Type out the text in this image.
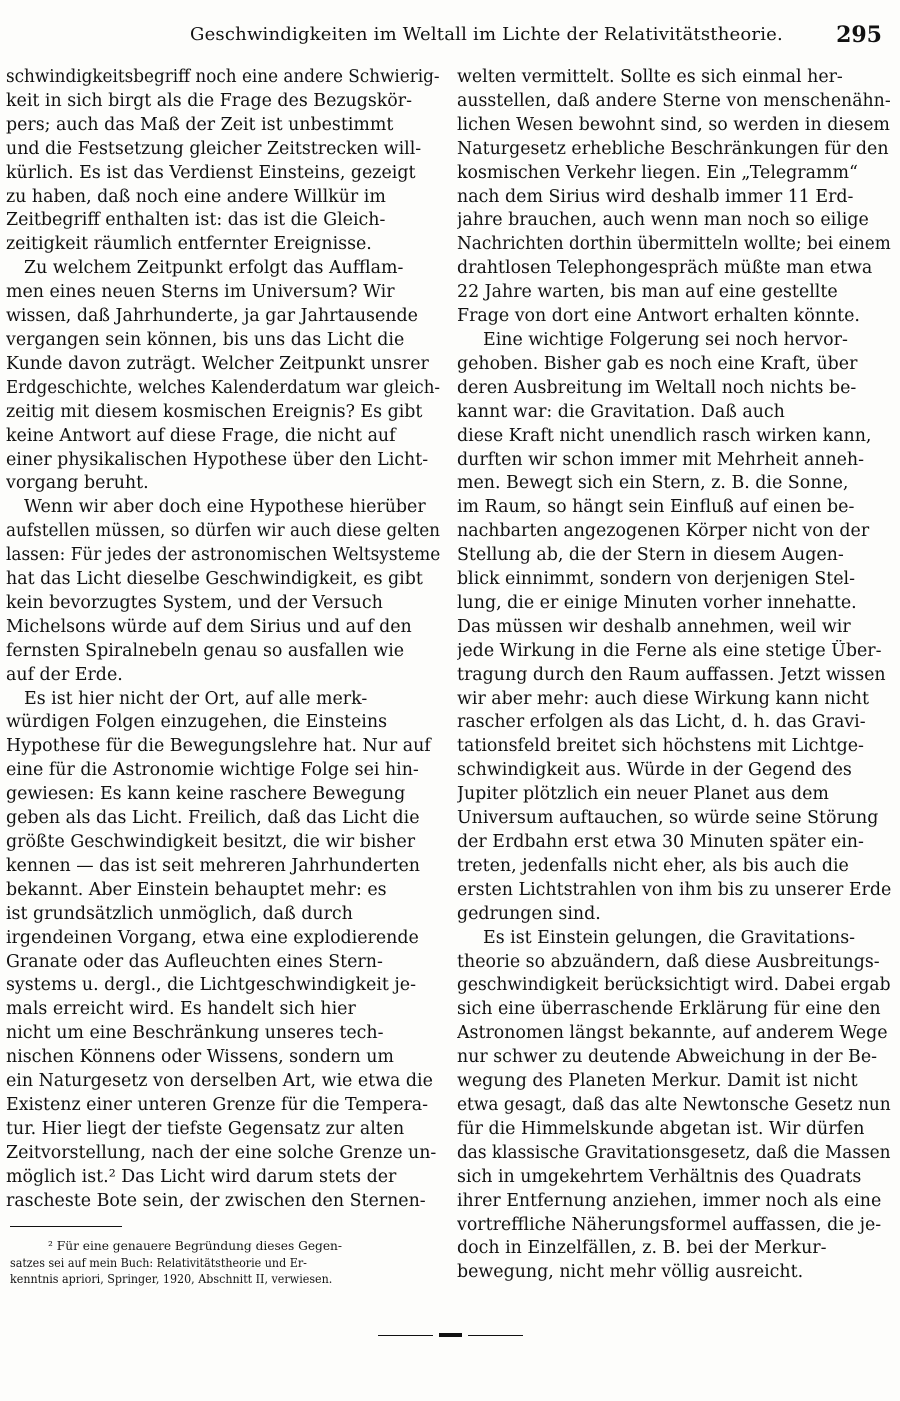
Geschwindigkeiten im Weltall im Lichte der Relativitätstheorie. 295
schwindigkeitsbegriff noch eine andere Schwierig-
keit in sich birgt als die Frage des Bezugskör-
pers; auch das Maß der Zeit ist unbestimmt
und die Festsetzung gleicher Zeitstrecken will-
kürlich. Es ist das Verdienst Einsteins, gezeigt
zu haben, daß noch eine andere Willkür im
Zeitbegriff enthalten ist: das ist die Gleich-
zeitigkeit räumlich entfernter Ereignisse.
Zu welchem Zeitpunkt erfolgt das Aufflam-
men eines neuen Sterns im Universum? Wir
wissen, daß Jahrhunderte, ja gar Jahrtausende
vergangen sein können, bis uns das Licht die
Kunde davon zuträgt. Welcher Zeitpunkt unsrer
Erdgeschichte, welches Kalenderdatum war gleich-
zeitig mit diesem kosmischen Ereignis? Es gibt
keine Antwort auf diese Frage, die nicht auf
einer physikalischen Hypothese über den Licht-
vorgang beruht.
Wenn wir aber doch eine Hypothese hierüber
aufstellen müssen, so dürfen wir auch diese gelten
lassen: Für jedes der astronomischen Weltsysteme
hat das Licht dieselbe Geschwindigkeit, es gibt
kein bevorzugtes System, und der Versuch
Michelsons würde auf dem Sirius und auf den
fernsten Spiralnebeln genau so ausfallen wie
auf der Erde.
Es ist hier nicht der Ort, auf alle merk-
würdigen Folgen einzugehen, die Einsteins
Hypothese für die Bewegungslehre hat. Nur auf
eine für die Astronomie wichtige Folge sei hin-
gewiesen: Es kann keine raschere Bewegung
geben als das Licht. Freilich, daß das Licht die
größte Geschwindigkeit besitzt, die wir bisher
kennen — das ist seit mehreren Jahrhunderten
bekannt. Aber Einstein behauptet mehr: es
ist grundsätzlich unmöglich, daß durch
irgendeinen Vorgang, etwa eine explodierende
Granate oder das Aufleuchten eines Stern-
systems u. dergl., die Lichtgeschwindigkeit je-
mals erreicht wird. Es handelt sich hier
nicht um eine Beschränkung unseres tech-
nischen Könnens oder Wissens, sondern um
ein Naturgesetz von derselben Art, wie etwa die
Existenz einer unteren Grenze für die Tempera-
tur. Hier liegt der tiefste Gegensatz zur alten
Zeitvorstellung, nach der eine solche Grenze un-
möglich ist.² Das Licht wird darum stets der
rascheste Bote sein, der zwischen den Sternen-
welten vermittelt. Sollte es sich einmal her-
ausstellen, daß andere Sterne von menschenähn-
lichen Wesen bewohnt sind, so werden in diesem
Naturgesetz erhebliche Beschränkungen für den
kosmischen Verkehr liegen. Ein „Telegramm“
nach dem Sirius wird deshalb immer 11 Erd-
jahre brauchen, auch wenn man noch so eilige
Nachrichten dorthin übermitteln wollte; bei einem
drahtlosen Telephongespräch müßte man etwa
22 Jahre warten, bis man auf eine gestellte
Frage von dort eine Antwort erhalten könnte.
Eine wichtige Folgerung sei noch hervor-
gehoben. Bisher gab es noch eine Kraft, über
deren Ausbreitung im Weltall noch nichts be-
kannt war: die Gravitation. Daß auch
diese Kraft nicht unendlich rasch wirken kann,
durften wir schon immer mit Mehrheit anneh-
men. Bewegt sich ein Stern, z. B. die Sonne,
im Raum, so hängt sein Einfluß auf einen be-
nachbarten angezogenen Körper nicht von der
Stellung ab, die der Stern in diesem Augen-
blick einnimmt, sondern von derjenigen Stel-
lung, die er einige Minuten vorher innehatte.
Das müssen wir deshalb annehmen, weil wir
jede Wirkung in die Ferne als eine stetige Über-
tragung durch den Raum auffassen. Jetzt wissen
wir aber mehr: auch diese Wirkung kann nicht
rascher erfolgen als das Licht, d. h. das Gravi-
tationsfeld breitet sich höchstens mit Lichtge-
schwindigkeit aus. Würde in der Gegend des
Jupiter plötzlich ein neuer Planet aus dem
Universum auftauchen, so würde seine Störung
der Erdbahn erst etwa 30 Minuten später ein-
treten, jedenfalls nicht eher, als bis auch die
ersten Lichtstrahlen von ihm bis zu unserer Erde
gedrungen sind.
Es ist Einstein gelungen, die Gravitations-
theorie so abzuändern, daß diese Ausbreitungs-
geschwindigkeit berücksichtigt wird. Dabei ergab
sich eine überraschende Erklärung für eine den
Astronomen längst bekannte, auf anderem Wege
nur schwer zu deutende Abweichung in der Be-
wegung des Planeten Merkur. Damit ist nicht
etwa gesagt, daß das alte Newtonsche Gesetz nun
für die Himmelskunde abgetan ist. Wir dürfen
das klassische Gravitationsgesetz, daß die Massen
sich in umgekehrtem Verhältnis des Quadrats
ihrer Entfernung anziehen, immer noch als eine
vortreffliche Näherungsformel auffassen, die je-
doch in Einzelfällen, z. B. bei der Merkur-
bewegung, nicht mehr völlig ausreicht.
² Für eine genauere Begründung dieses Gegen-
satzes sei auf mein Buch: Relativitätstheorie und Er-
kenntnis apriori, Springer, 1920, Abschnitt II, verwiesen.
